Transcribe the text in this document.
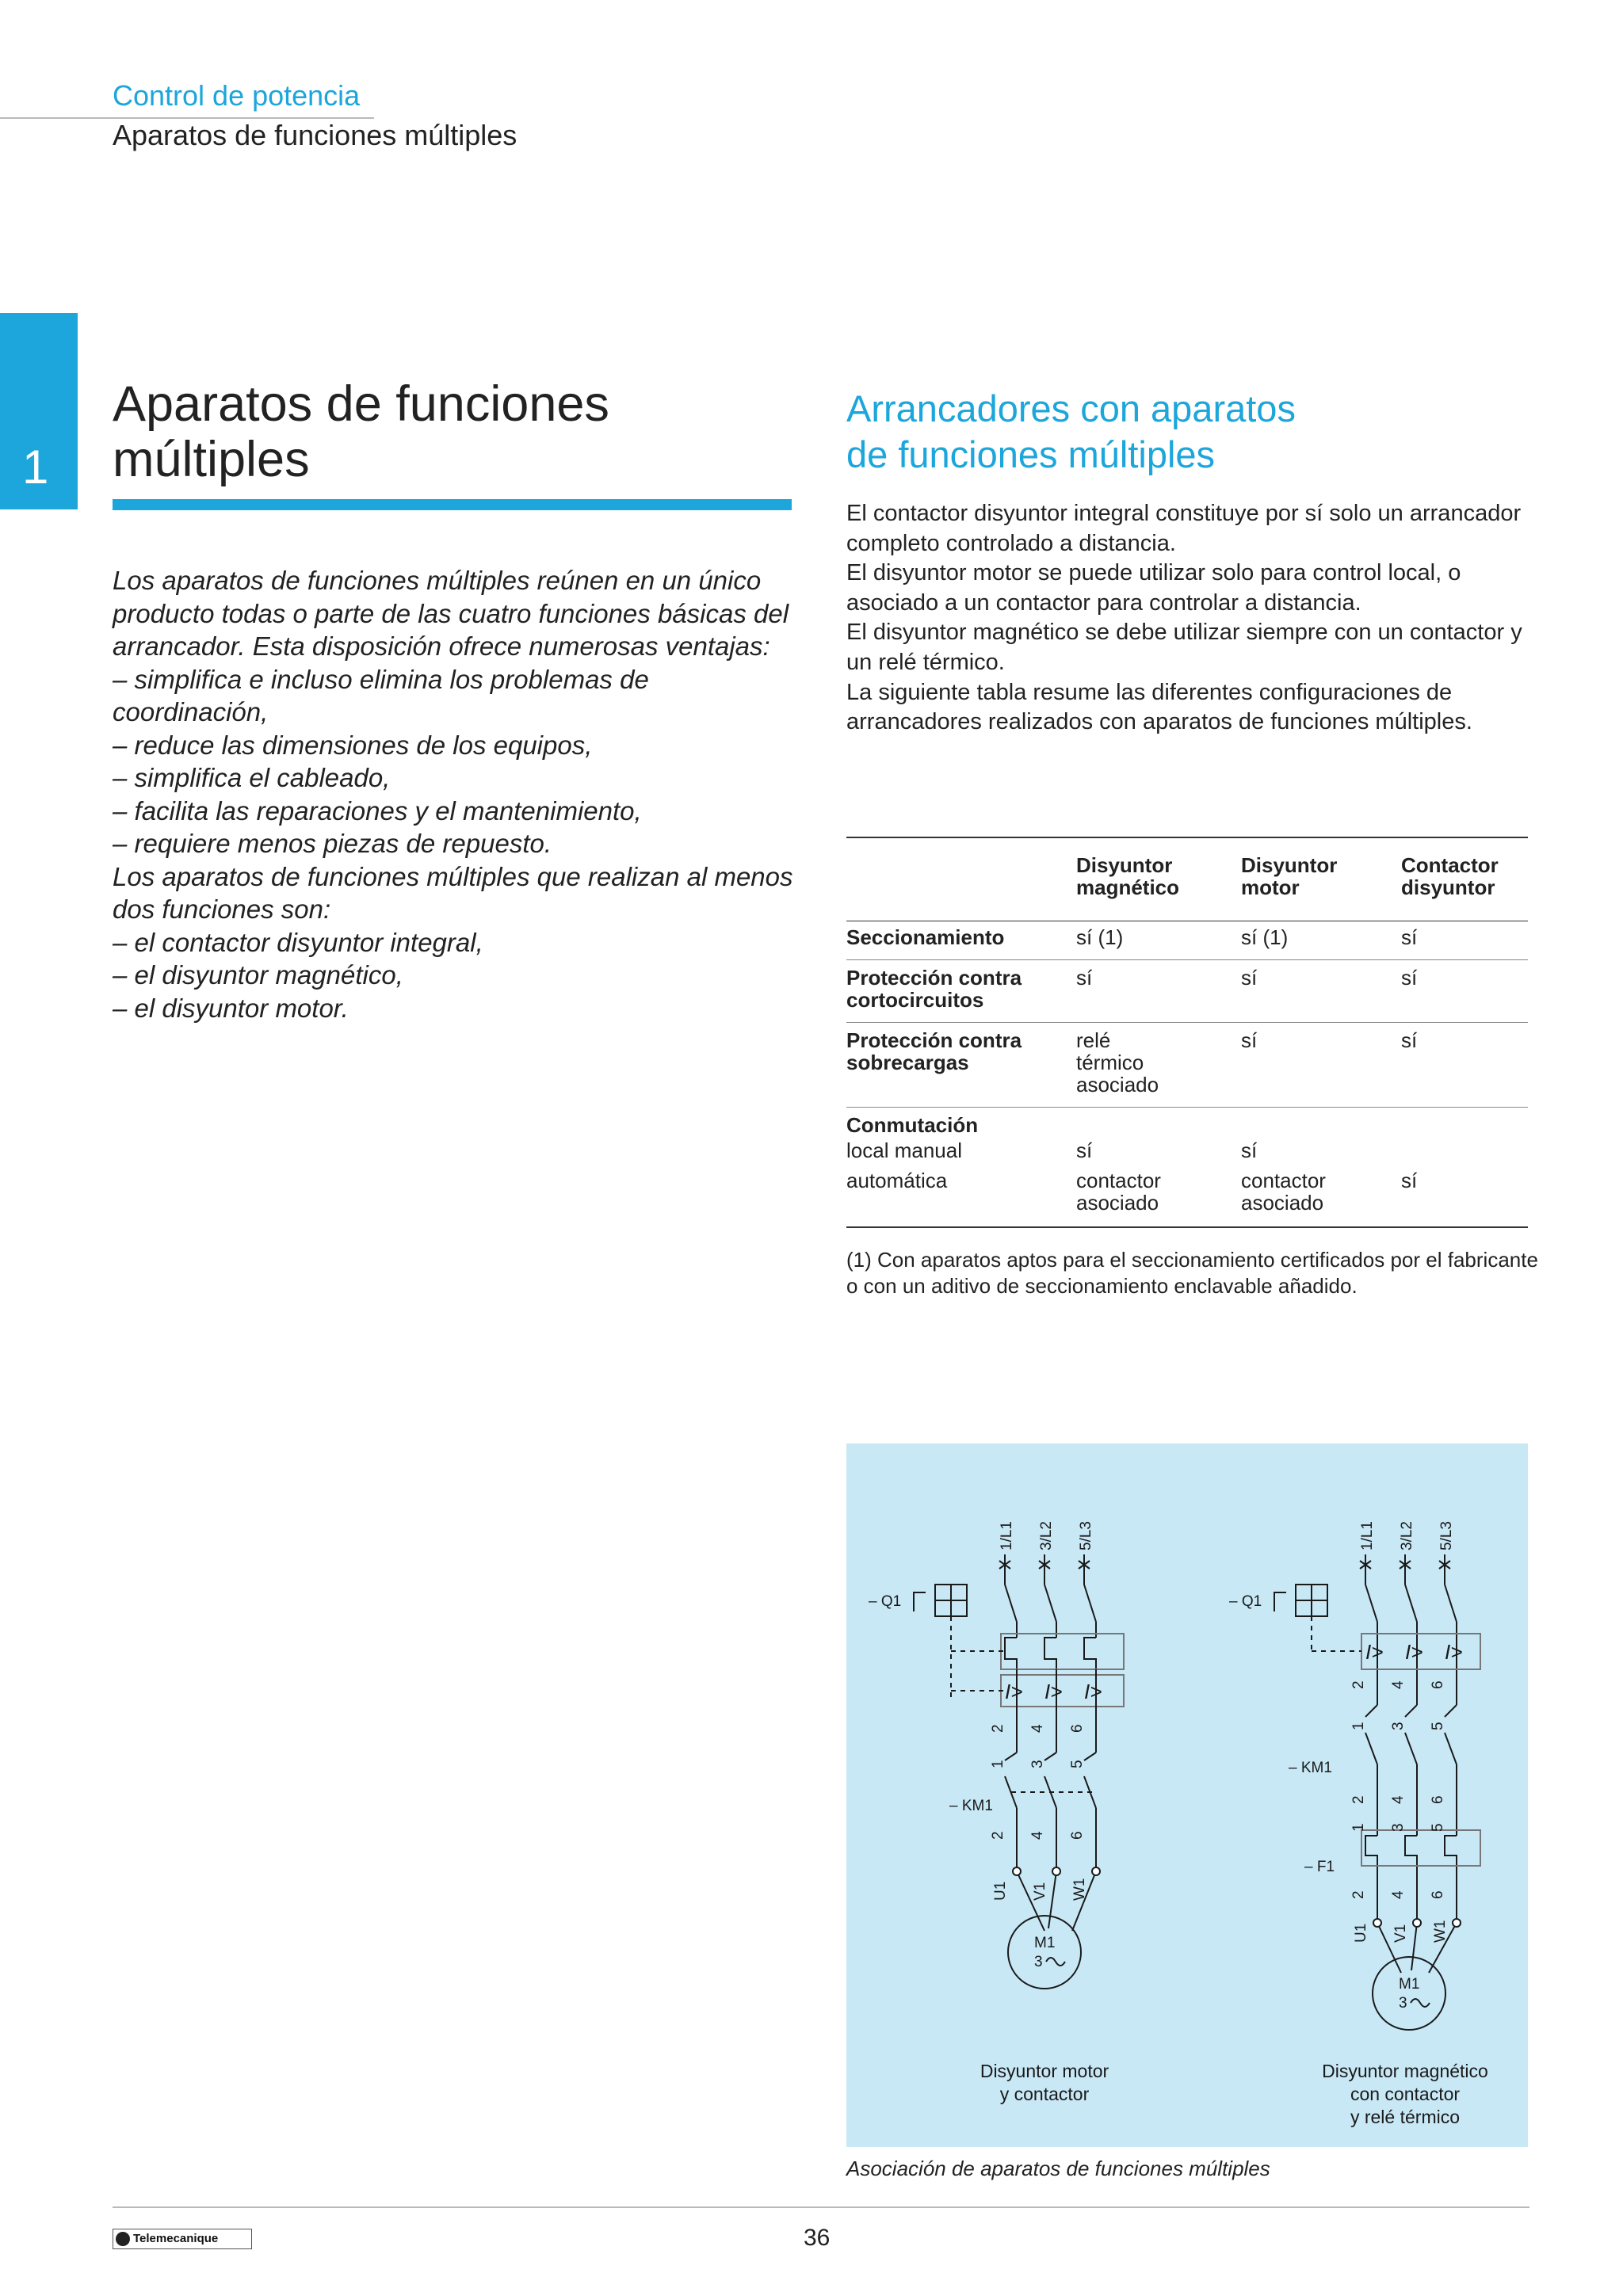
Control de potencia
Aparatos de funciones múltiples
1
Aparatos de funciones
múltiples

Los aparatos de funciones múltiples reúnen en un único producto todas o parte de las cuatro funciones básicas del arrancador. Esta disposición ofrece numerosas ventajas:

– simplifica e incluso elimina los problemas de coordinación,

– reduce las dimensiones de los equipos,

– simplifica el cableado,

– facilita las reparaciones y el mantenimiento,

– requiere menos piezas de repuesto.

Los aparatos de funciones múltiples que realizan al menos dos funciones son:

– el contactor disyuntor integral,

– el disyuntor magnético,

– el disyuntor motor.

Arrancadores con aparatos
de funciones múltiples

El contactor disyuntor integral constituye por sí solo un arrancador completo controlado a distancia.

El disyuntor motor se puede utilizar solo para control local, o asociado a un contactor para controlar a distancia.

El disyuntor magnético se debe utilizar siempre con un contactor y un relé térmico.

La siguiente tabla resume las diferentes configuraciones de arrancadores realizados con aparatos de funciones múltiples.

	Disyuntor magnético	Disyuntor motor	Contactor disyuntor
Seccionamiento	sí (1)	sí (1)	sí
Protección contra cortocircuitos	sí	sí	sí
Protección contra sobrecargas	relé térmico asociado	sí	sí
Conmutación			
local manual	sí	sí	
automática	contactor asociado	contactor asociado	sí
(1) Con aparatos aptos para el seccionamiento certificados por el fabricante o con un aditivo de seccionamiento enclavable añadido.
1/L1 3/L2 5/L3
– Q1
I> I> I>
2 4 6
1 3 5
– KM1
2 4 6
U1 V1 W1
M1
3
Disyuntor motor
y contactor
1/L1 3/L2 5/L3
– Q1
I> I> I>
2 4 6
1 3 5
– KM1
2 4 6
1 3 5
– F1
2 4 6
U1 V1 W1
M1
3
Disyuntor magnético
con contactor
y relé térmico
Asociación de aparatos de funciones múltiples
Telemecanique	36
